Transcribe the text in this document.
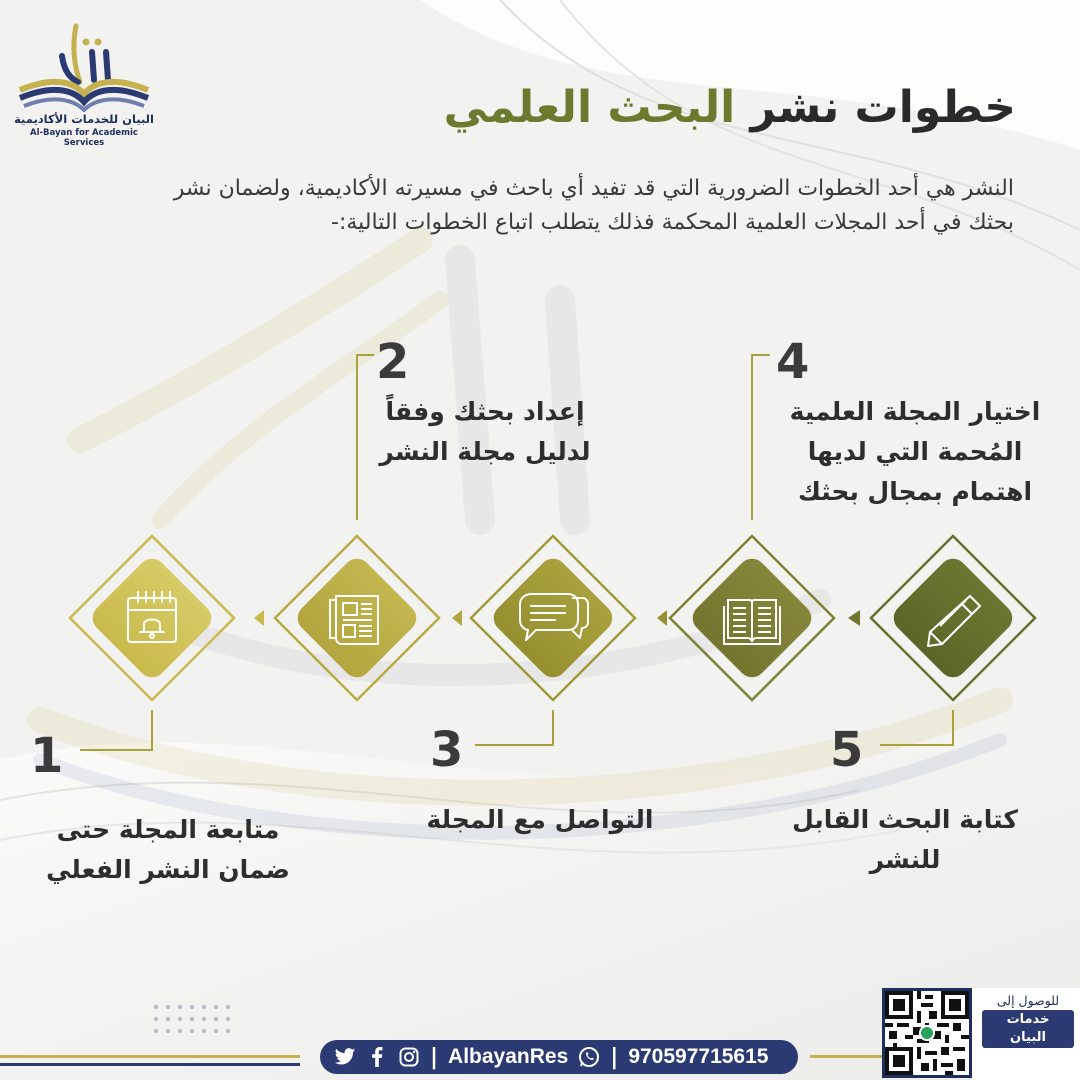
البيان للخدمات الأكاديمية
Al-Bayan for Academic Services
خطوات نشر البحث العلمي
النشر هي أحد الخطوات الضرورية التي قد تفيد أي باحث في مسيرته الأكاديمية، ولضمان نشر بحثك في أحد المجلات العلمية المحكمة فذلك يتطلب اتباع الخطوات التالية:-
1
2
3
4
5
متابعة المجلة حتى
ضمان النشر الفعلي
إعداد بحثك وفقاً
لدليل مجلة النشر
التواصل مع المجلة
اختيار المجلة العلمية
المُحمة التي لديها
اهتمام بمجال بحثك
كتابة البحث القابل
للنشر
| AlbayanRes | 970597715615
للوصول إلى
خدمات البيان
